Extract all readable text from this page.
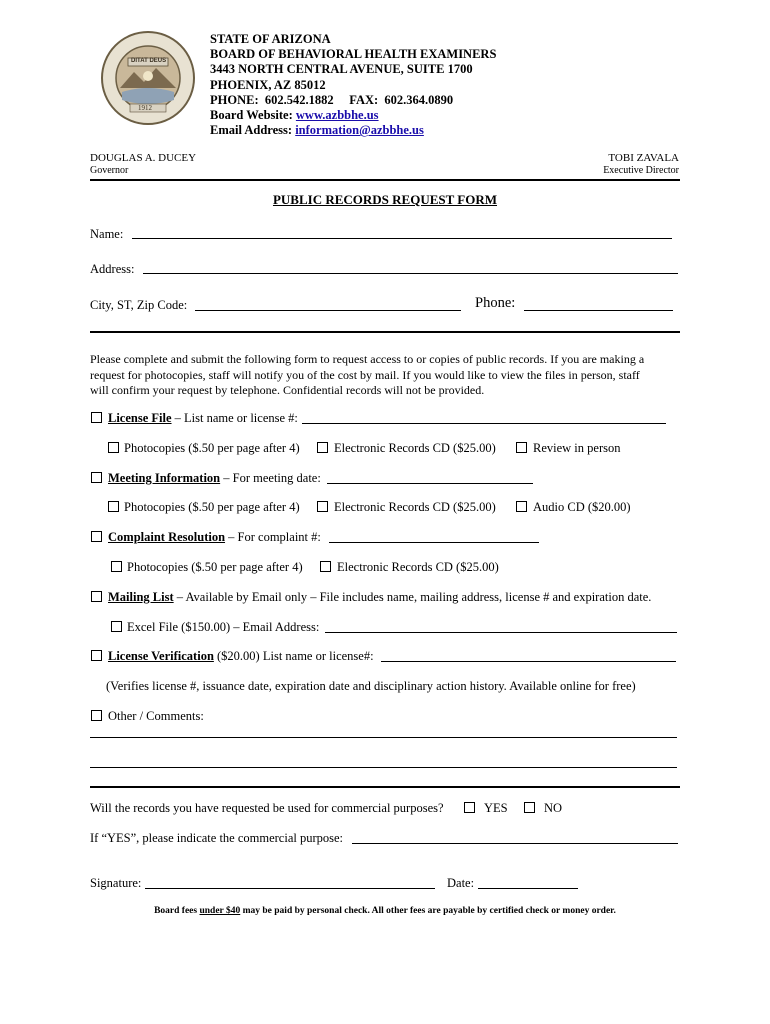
DITAT DEUS
1912
STATE OF ARIZONA
BOARD OF BEHAVIORAL HEALTH EXAMINERS
3443 NORTH CENTRAL AVENUE, SUITE 1700
PHOENIX, AZ 85012
PHONE:  602.542.1882     FAX:  602.364.0890
Board Website: www.azbbhe.us
Email Address: information@azbbhe.us
DOUGLAS A. DUCEY
Governor
TOBI ZAVALA
Executive Director
PUBLIC RECORDS REQUEST FORM
Name:
Address:
City, ST, Zip Code:	Phone:
Please complete and submit the following form to request access to or copies of public records. If you are making a
request for photocopies, staff will notify you of the cost by mail. If you would like to view the files in person, staff
will confirm your request by telephone. Confidential records will not be provided.
License File – List name or license #:
Photocopies ($.50 per page after 4)	Electronic Records CD ($25.00)	Review in person
Meeting Information – For meeting date:
Photocopies ($.50 per page after 4)	Electronic Records CD ($25.00)	Audio CD ($20.00)
Complaint Resolution – For complaint #:
Photocopies ($.50 per page after 4)	Electronic Records CD ($25.00)
Mailing List – Available by Email only – File includes name, mailing address, license # and expiration date.
Excel File ($150.00) – Email Address:
License Verification ($20.00) List name or license#:
(Verifies license #, issuance date, expiration date and disciplinary action history. Available online for free)
Other / Comments:
Will the records you have requested be used for commercial purposes?	YES	NO
If “YES”, please indicate the commercial purpose:
Signature:	Date:
Board fees under $40 may be paid by personal check. All other fees are payable by certified check or money order.
